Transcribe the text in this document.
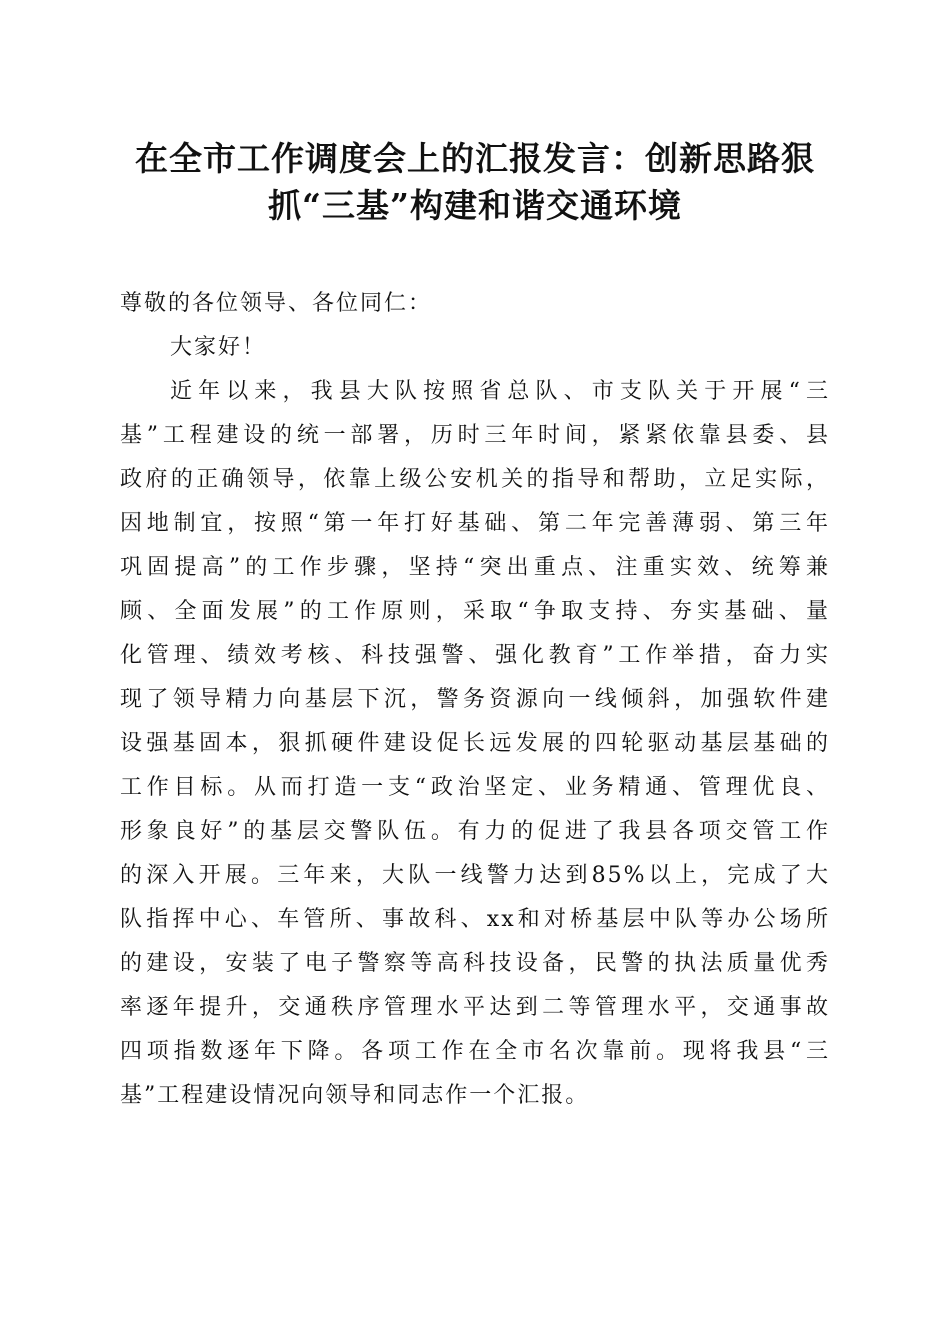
在全市工作调度会上的汇报发言：创新思路狠
抓“三基”构建和谐交通环境
尊敬的各位领导、各位同仁：
大家好！
近年以来，我县大队按照省总队、市支队关于开展“三
基”工程建设的统一部署，历时三年时间，紧紧依靠县委、县
政府的正确领导，依靠上级公安机关的指导和帮助，立足实际，
因地制宜，按照“第一年打好基础、第二年完善薄弱、第三年
巩固提高”的工作步骤，坚持“突出重点、注重实效、统筹兼
顾、全面发展”的工作原则，采取“争取支持、夯实基础、量
化管理、绩效考核、科技强警、强化教育”工作举措，奋力实
现了领导精力向基层下沉，警务资源向一线倾斜，加强软件建
设强基固本，狠抓硬件建设促长远发展的四轮驱动基层基础的
工作目标。从而打造一支“政治坚定、业务精通、管理优良、
形象良好”的基层交警队伍。有力的促进了我县各项交管工作
的深入开展。三年来，大队一线警力达到85%以上，完成了大
队指挥中心、车管所、事故科、xx和对桥基层中队等办公场所
的建设，安装了电子警察等高科技设备，民警的执法质量优秀
率逐年提升，交通秩序管理水平达到二等管理水平，交通事故
四项指数逐年下降。各项工作在全市名次靠前。现将我县“三
基”工程建设情况向领导和同志作一个汇报。
